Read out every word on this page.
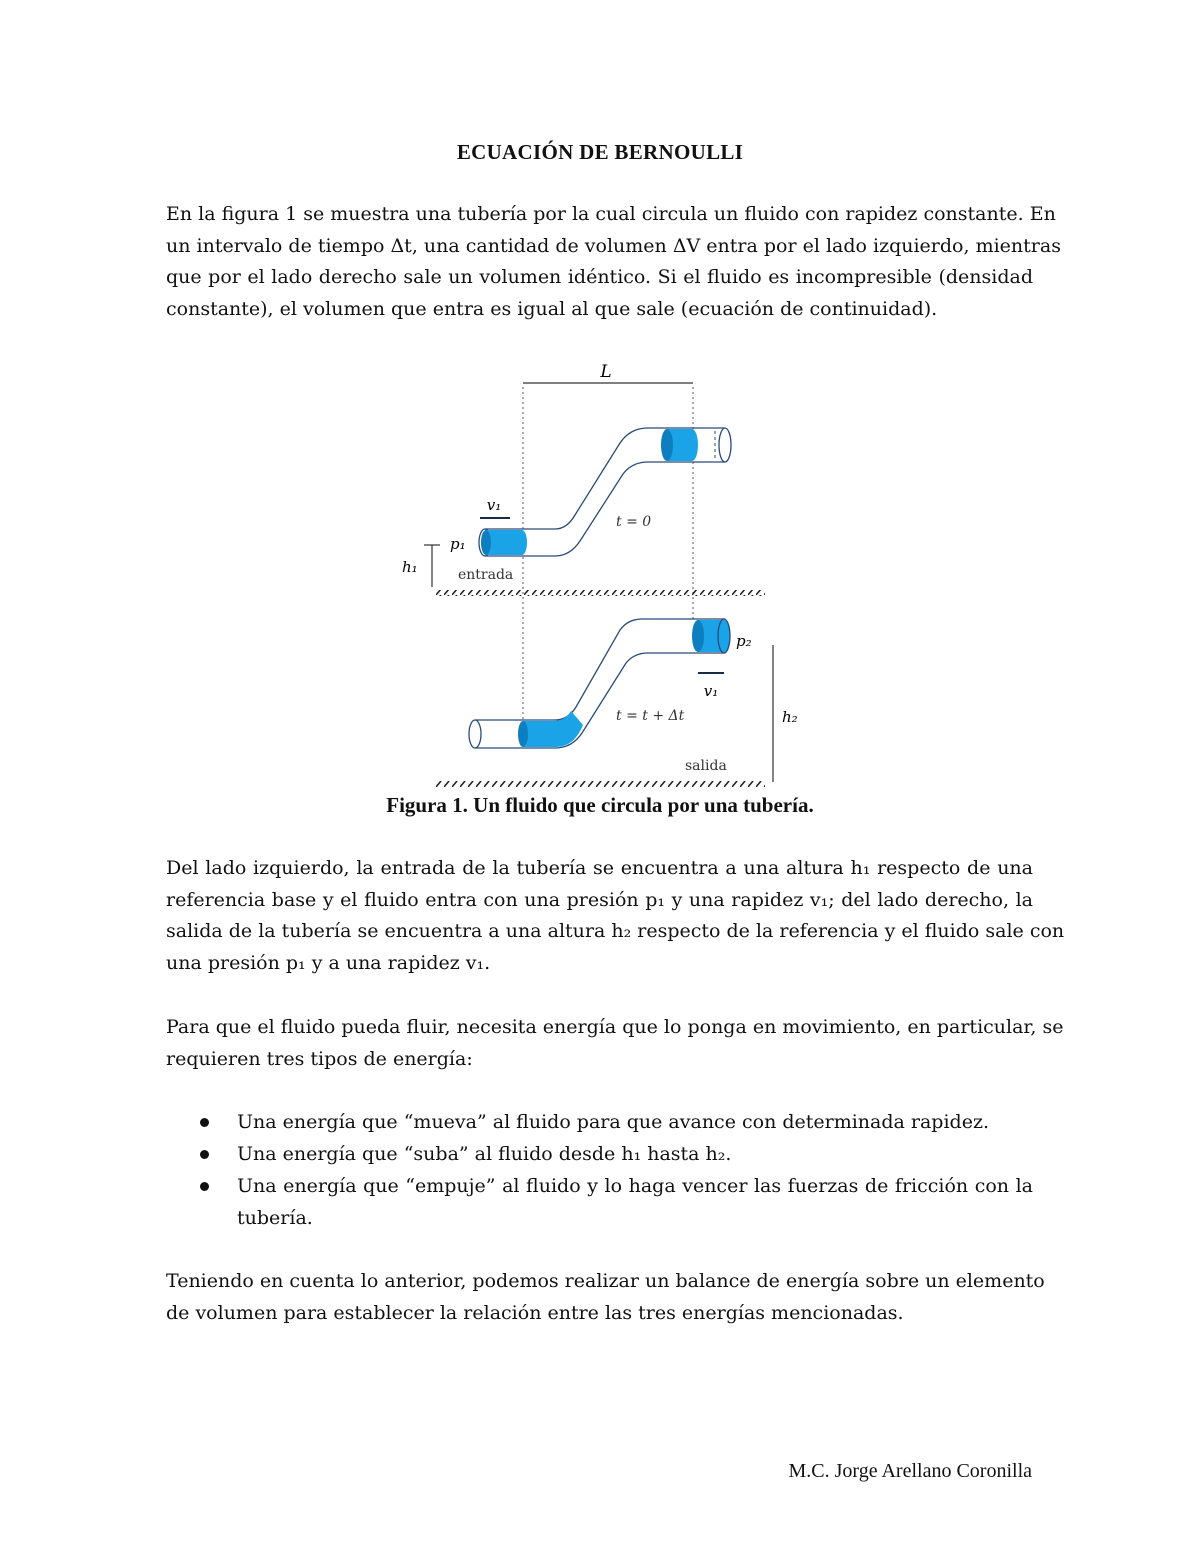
ECUACIÓN DE BERNOULLI
En la figura 1 se muestra una tubería por la cual circula un fluido con rapidez constante. En
un intervalo de tiempo Δt, una cantidad de volumen ΔV entra por el lado izquierdo, mientras
que por el lado derecho sale un volumen idéntico. Si el fluido es incompresible (densidad
constante), el volumen que entra es igual al que sale (ecuación de continuidad).
L
v₁
p₁
h₁	entrada
t = 0
p₂
v₁
t = t + Δt	h₂
salida
Figura 1. Un fluido que circula por una tubería.
Del lado izquierdo, la entrada de la tubería se encuentra a una altura h₁ respecto de una
referencia base y el fluido entra con una presión p₁ y una rapidez v₁; del lado derecho, la
salida de la tubería se encuentra a una altura h₂ respecto de la referencia y el fluido sale con
una presión p₁ y a una rapidez v₁.
Para que el fluido pueda fluir, necesita energía que lo ponga en movimiento, en particular, se
requieren tres tipos de energía:
Una energía que “mueva” al fluido para que avance con determinada rapidez.
Una energía que “suba” al fluido desde h₁ hasta h₂.
Una energía que “empuje” al fluido y lo haga vencer las fuerzas de fricción con la
tubería.
Teniendo en cuenta lo anterior, podemos realizar un balance de energía sobre un elemento
de volumen para establecer la relación entre las tres energías mencionadas.
M.C. Jorge Arellano Coronilla
